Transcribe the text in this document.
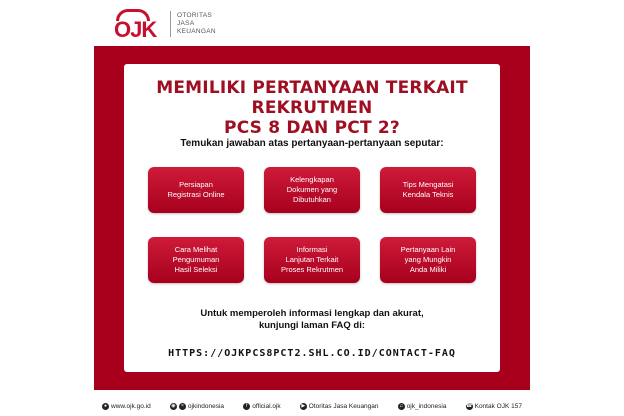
OJK
OTORITAS
JASA
KEUANGAN
MEMILIKI PERTANYAAN TERKAIT REKRUTMEN
PCS 8 DAN PCT 2?
Temukan jawaban atas pertanyaan-pertanyaan seputar:
Persiapan
Registrasi Online
Kelengkapan
Dokumen yang
Dibutuhkan
Tips Mengatasi
Kendala Teknis
Cara Melihat
Pengumuman
Hasil Seleksi
Informasi
Lanjutan Terkait
Proses Rekrutmen
Pertanyaan Lain
yang Mungkin
Anda Miliki
Untuk memperoleh informasi lengkap dan akurat,
kunjungi laman FAQ di:
HTTPS://OJKPCS8PCT2.SHL.CO.ID/CONTACT-FAQ
● www.ojk.go.id	◉	× ojkindonesia	f official.ojk	▶ Otoritas Jasa Keuangan	♫ ojk_indonesia	☎ Kontak OJK 157
